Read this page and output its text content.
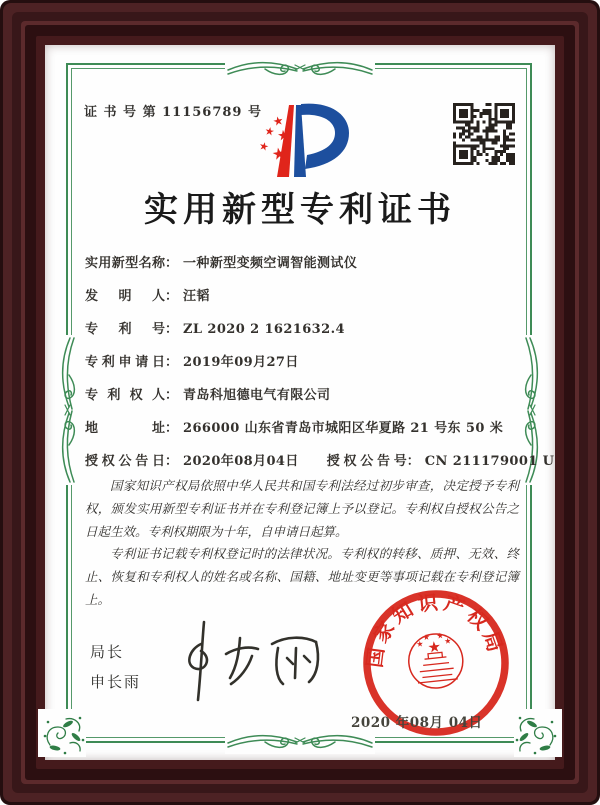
证 书 号 第 11156789 号
★
★ ★
★ ★
实用新型专利证书
实用新型名称： 一种新型变频空调智能测试仪
发明人： 汪韬
专利号： ZL 2020 2 1621632.4
专利申请日： 2019年09月27日
专利权人： 青岛科旭德电气有限公司
地址： 266000 山东省青岛市城阳区华夏路 21 号东 50 米
授权公告日： 2020年08月04日 授权公告号： CN 211179001 U

国家知识产权局依照中华人民共和国专利法经过初步审查，决定授予专利权，颁发实用新型专利证书并在专利登记簿上予以登记。专利权自授权公告之日起生效。专利权期限为十年，自申请日起算。

专利证书记载专利权登记时的法律状况。专利权的转移、质押、无效、终止、恢复和专利权人的姓名或名称、国籍、地址变更等事项记载在专利登记簿上。

局长
申长雨
国家知识产权局
★
★
★ ★
★
2020 年08月 04日
